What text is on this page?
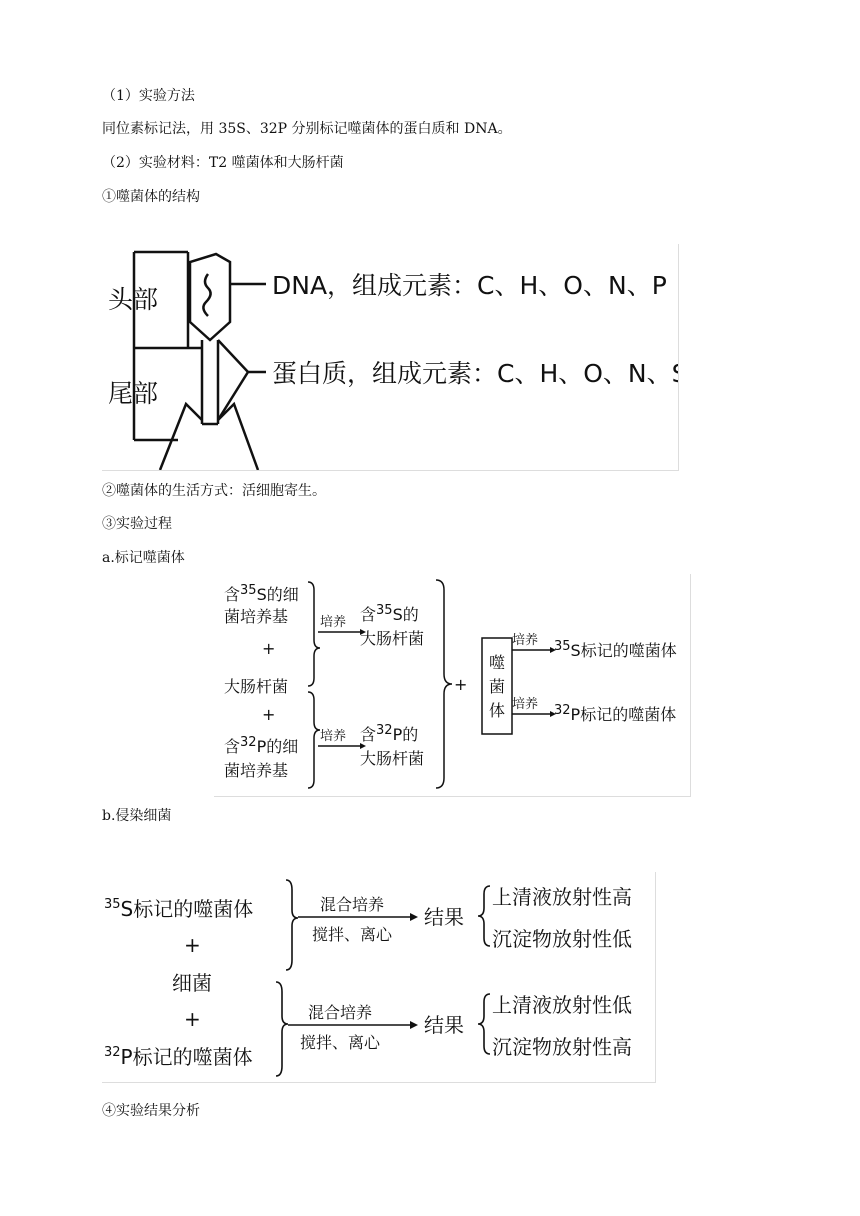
（1）实验方法
同位素标记法，用 35S、32P 分别标记噬菌体的蛋白质和 DNA。
（2）实验材料：T2 噬菌体和大肠杆菌
①噬菌体的结构
头部
尾部
DNA，组成元素：C、H、O、N、P
蛋白质，组成元素：C、H、O、N、S等
②噬菌体的生活方式：活细胞寄生。
③实验过程
a.标记噬菌体
含$^{35}$S的细
菌培养基
+
大肠杆菌
+
含$^{32}$P的细
菌培养基
培养
培养
含$^{35}$S的
大肠杆菌
含$^{32}$P的
大肠杆菌
+
噬
菌
体
培养
培养
$^{35}$S标记的噬菌体
$^{32}$P标记的噬菌体
b.侵染细菌
$^{35}$S标记的噬菌体
+
细菌
+
$^{32}$P标记的噬菌体
混合培养
搅拌、离心
混合培养
搅拌、离心
结果
结果
上清液放射性高
沉淀物放射性低
上清液放射性低
沉淀物放射性高
④实验结果分析
